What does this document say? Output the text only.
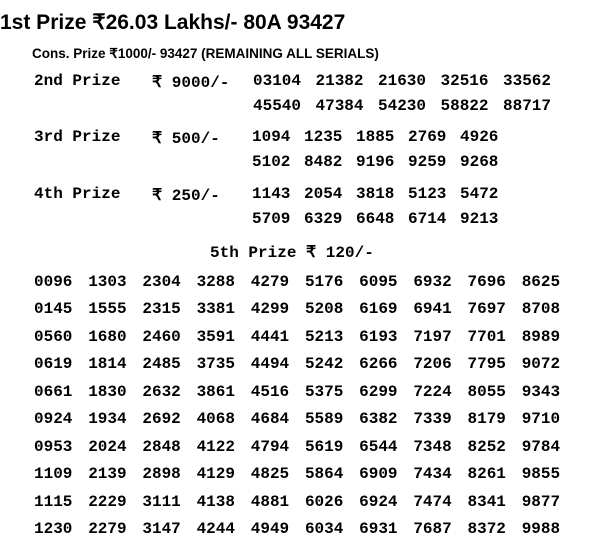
1st Prize ₹26.03 Lakhs/- 80A 93427
Cons. Prize ₹1000/- 93427 (REMAINING ALL SERIALS)
2nd Prize ₹ 9000/- 03104 21382 21630 32516 33562
45540 47384 54230 58822 88717
3rd Prize ₹ 500/- 1094 1235 1885 2769 4926
5102 8482 9196 9259 9268
4th Prize ₹ 250/- 1143 2054 3818 5123 5472
5709 6329 6648 6714 9213
5th Prize ₹ 120/-
0096 1303 2304 3288 4279 5176 6095 6932 7696 8625
0145 1555 2315 3381 4299 5208 6169 6941 7697 8708
0560 1680 2460 3591 4441 5213 6193 7197 7701 8989
0619 1814 2485 3735 4494 5242 6266 7206 7795 9072
0661 1830 2632 3861 4516 5375 6299 7224 8055 9343
0924 1934 2692 4068 4684 5589 6382 7339 8179 9710
0953 2024 2848 4122 4794 5619 6544 7348 8252 9784
1109 2139 2898 4129 4825 5864 6909 7434 8261 9855
1115 2229 3111 4138 4881 6026 6924 7474 8341 9877
1230 2279 3147 4244 4949 6034 6931 7687 8372 9988
